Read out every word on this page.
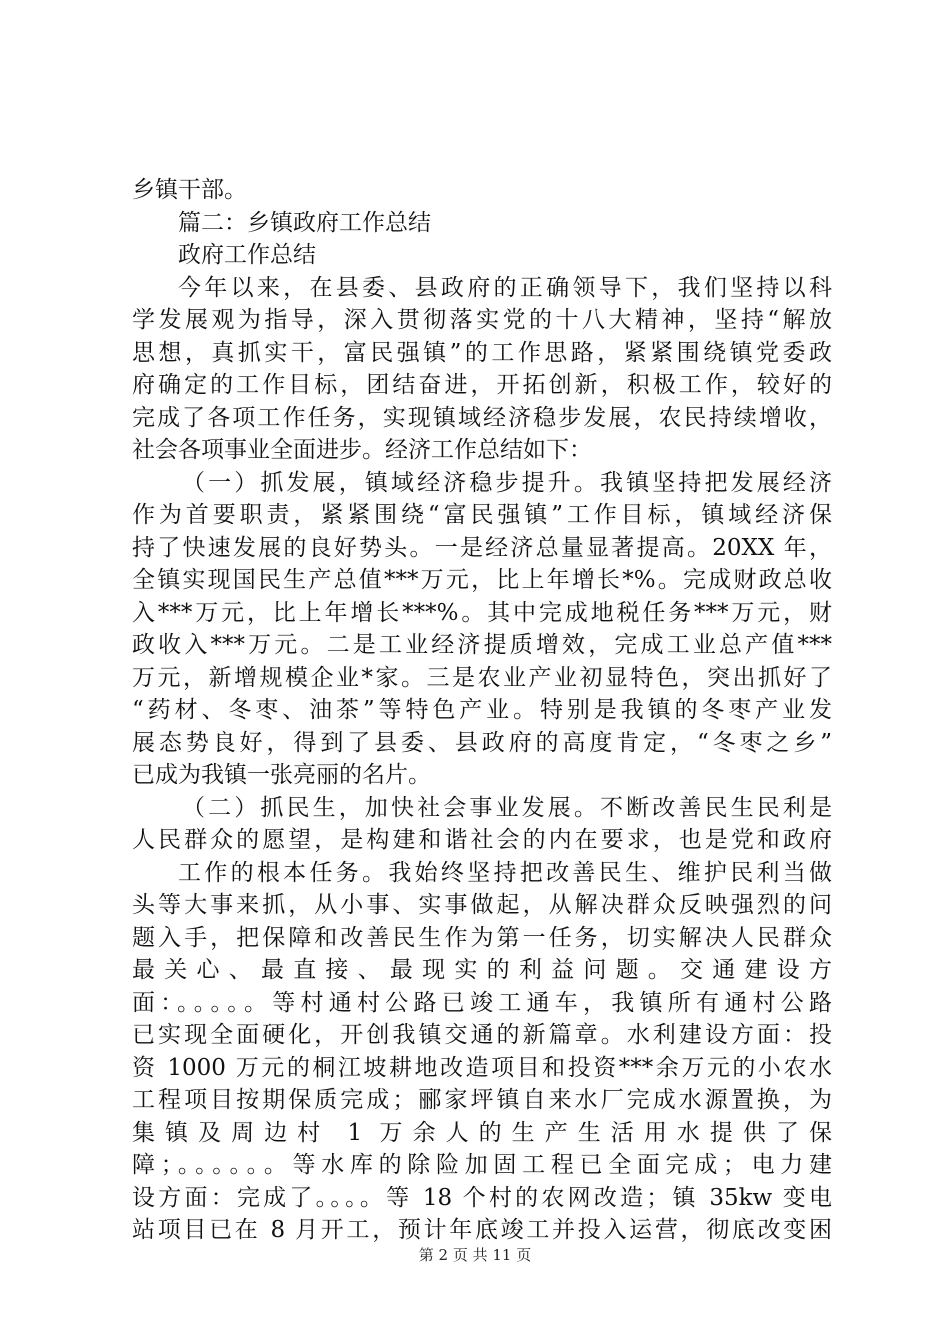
乡镇干部。
篇二：乡镇政府工作总结
政府工作总结
今年以来，在县委、县政府的正确领导下，我们坚持以科
学发展观为指导，深入贯彻落实党的十八大精神，坚持“解放
思想，真抓实干，富民强镇”的工作思路，紧紧围绕镇党委政
府确定的工作目标，团结奋进，开拓创新，积极工作，较好的
完成了各项工作任务，实现镇域经济稳步发展，农民持续增收，
社会各项事业全面进步。经济工作总结如下：
（一）抓发展，镇域经济稳步提升。我镇坚持把发展经济
作为首要职责，紧紧围绕“富民强镇”工作目标，镇域经济保
持了快速发展的良好势头。一是经济总量显著提高。20XX 年，
全镇实现国民生产总值***万元，比上年增长*%。完成财政总收
入***万元，比上年增长***%。其中完成地税任务***万元，财
政收入***万元。二是工业经济提质增效，完成工业总产值***
万元，新增规模企业*家。三是农业产业初显特色，突出抓好了
“药材、冬枣、油茶”等特色产业。特别是我镇的冬枣产业发
展态势良好，得到了县委、县政府的高度肯定，“冬枣之乡”
已成为我镇一张亮丽的名片。
（二）抓民生，加快社会事业发展。不断改善民生民利是
人民群众的愿望，是构建和谐社会的内在要求，也是党和政府
工作的根本任务。我始终坚持把改善民生、维护民利当做
头等大事来抓，从小事、实事做起，从解决群众反映强烈的问
题入手，把保障和改善民生作为第一任务，切实解决人民群众
最关心、最直接、最现实的利益问题。交通建设方
面：。。。。。等村通村公路已竣工通车，我镇所有通村公路
已实现全面硬化，开创我镇交通的新篇章。水利建设方面：投
资 1000 万元的桐江坡耕地改造项目和投资***余万元的小农水
工程项目按期保质完成；郦家坪镇自来水厂完成水源置换，为
集镇及周边村 1 万余人的生产生活用水提供了保
障；。。。。。。等水库的除险加固工程已全面完成；电力建
设方面：完成了。。。。等 18 个村的农网改造；镇 35kw 变电
站项目已在 8 月开工，预计年底竣工并投入运营，彻底改变困
第 2 页 共 11 页
